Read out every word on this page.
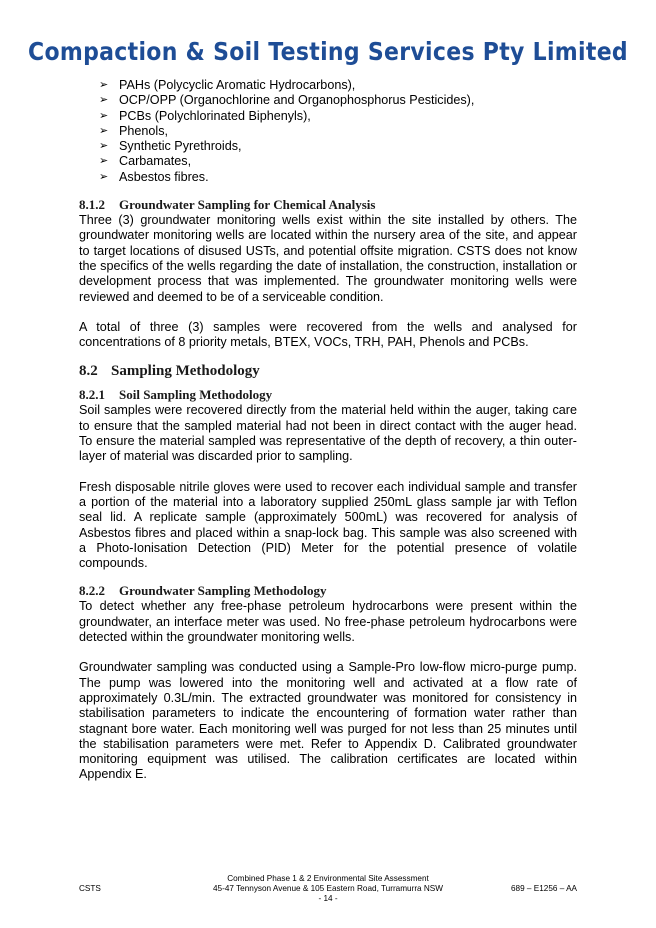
Compaction & Soil Testing Services Pty Limited
➢ PAHs (Polycyclic Aromatic Hydrocarbons),
➢ OCP/OPP (Organochlorine and Organophosphorus Pesticides),
➢ PCBs (Polychlorinated Biphenyls),
➢ Phenols,
➢ Synthetic Pyrethroids,
➢ Carbamates,
➢ Asbestos fibres.
8.1.2 Groundwater Sampling for Chemical Analysis

Three (3) groundwater monitoring wells exist within the site installed by others. The groundwater monitoring wells are located within the nursery area of the site, and appear to target locations of disused USTs, and potential offsite migration. CSTS does not know the specifics of the wells regarding the date of installation, the construction, installation or development process that was implemented. The groundwater monitoring wells were reviewed and deemed to be of a serviceable condition.

A total of three (3) samples were recovered from the wells and analysed for concentrations of 8 priority metals, BTEX, VOCs, TRH, PAH, Phenols and PCBs.

8.2 Sampling Methodology
8.2.1 Soil Sampling Methodology

Soil samples were recovered directly from the material held within the auger, taking care to ensure that the sampled material had not been in direct contact with the auger head. To ensure the material sampled was representative of the depth of recovery, a thin outer-layer of material was discarded prior to sampling.

Fresh disposable nitrile gloves were used to recover each individual sample and transfer a portion of the material into a laboratory supplied 250mL glass sample jar with Teflon seal lid. A replicate sample (approximately 500mL) was recovered for analysis of Asbestos fibres and placed within a snap-lock bag. This sample was also screened with a Photo-Ionisation Detection (PID) Meter for the potential presence of volatile compounds.

8.2.2 Groundwater Sampling Methodology

To detect whether any free-phase petroleum hydrocarbons were present within the groundwater, an interface meter was used. No free-phase petroleum hydrocarbons were detected within the groundwater monitoring wells.

Groundwater sampling was conducted using a Sample-Pro low-flow micro-purge pump. The pump was lowered into the monitoring well and activated at a flow rate of approximately 0.3L/min. The extracted groundwater was monitored for consistency in stabilisation parameters to indicate the encountering of formation water rather than stagnant bore water. Each monitoring well was purged for not less than 25 minutes until the stabilisation parameters were met. Refer to Appendix D. Calibrated groundwater monitoring equipment was utilised. The calibration certificates are located within Appendix E.

CSTS
Combined Phase 1 & 2 Environmental Site Assessment
45-47 Tennyson Avenue & 105 Eastern Road, Turramurra NSW
- 14 -
689 – E1256 – AA
